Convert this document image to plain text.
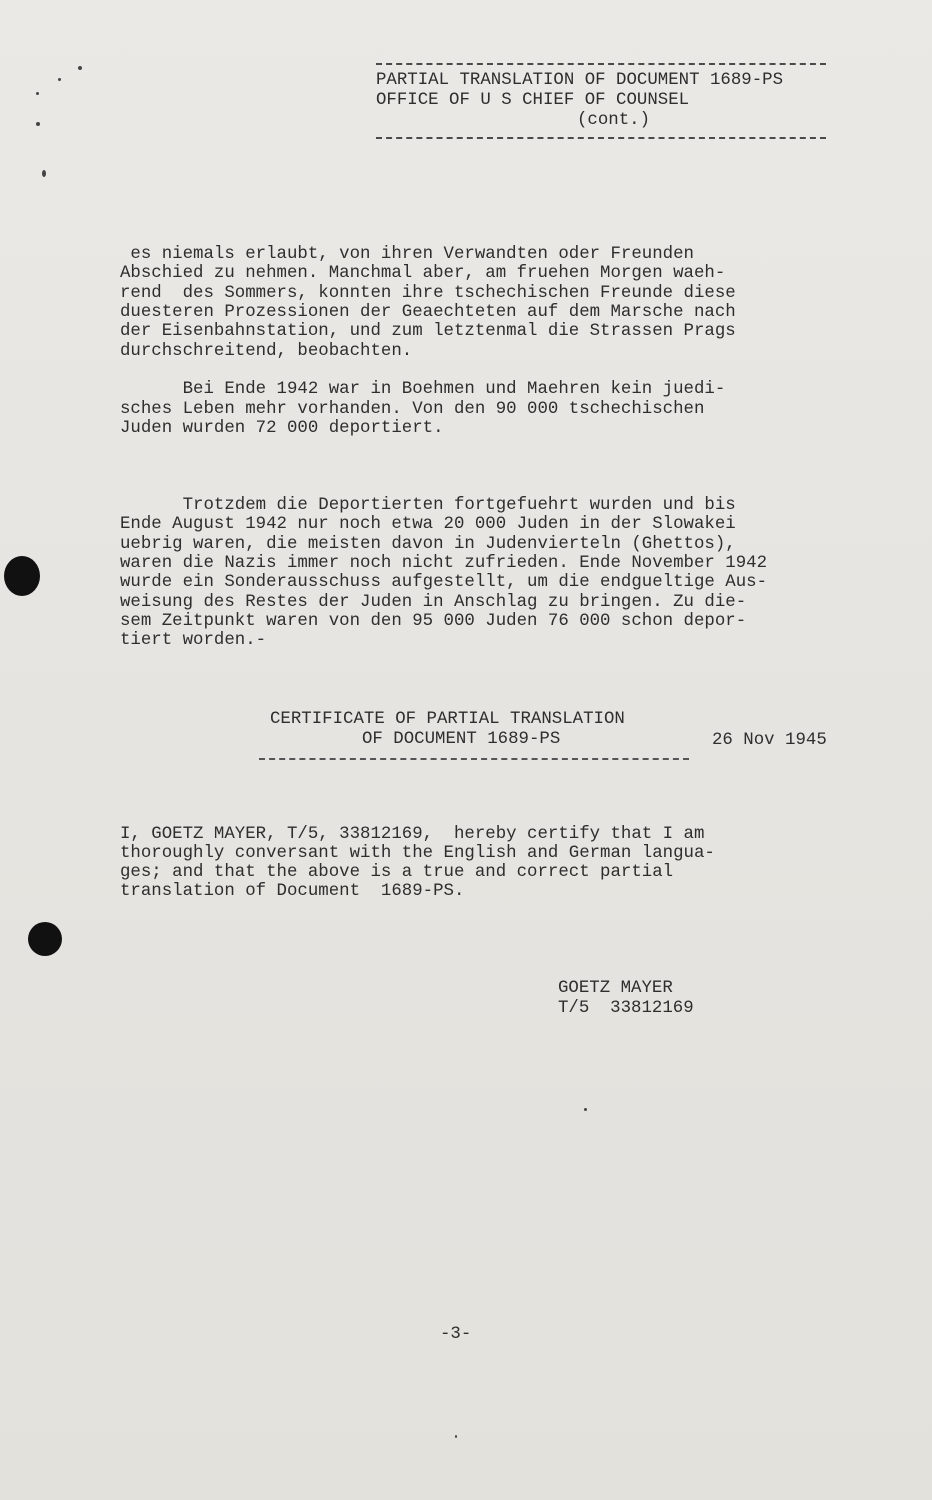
PARTIAL TRANSLATION OF DOCUMENT 1689-PS

OFFICE OF U S CHIEF OF COUNSEL

(cont.)

es niemals erlaubt, von ihren Verwandten oder Freunden

Abschied zu nehmen. Manchmal aber, am fruehen Morgen waeh-

rend  des Sommers, konnten ihre tschechischen Freunde diese

duesteren Prozessionen der Geaechteten auf dem Marsche nach

der Eisenbahnstation, und zum letztenmal die Strassen Prags

durchschreitend, beobachten.

Bei Ende 1942 war in Boehmen und Maehren kein juedi-

sches Leben mehr vorhanden. Von den 90 000 tschechischen

Juden wurden 72 000 deportiert.

Trotzdem die Deportierten fortgefuehrt wurden und bis

Ende August 1942 nur noch etwa 20 000 Juden in der Slowakei

uebrig waren, die meisten davon in Judenvierteln (Ghettos),

waren die Nazis immer noch nicht zufrieden. Ende November 1942

wurde ein Sonderausschuss aufgestellt, um die endgueltige Aus-

weisung des Restes der Juden in Anschlag zu bringen. Zu die-

sem Zeitpunkt waren von den 95 000 Juden 76 000 schon depor-

tiert worden.-

CERTIFICATE OF PARTIAL TRANSLATION

OF DOCUMENT 1689-PS	26 Nov 1945

I, GOETZ MAYER, T/5, 33812169,  hereby certify that I am

thoroughly conversant with the English and German langua-

ges; and that the above is a true and correct partial

translation of Document  1689-PS.

GOETZ MAYER

T/5  33812169

-3-
